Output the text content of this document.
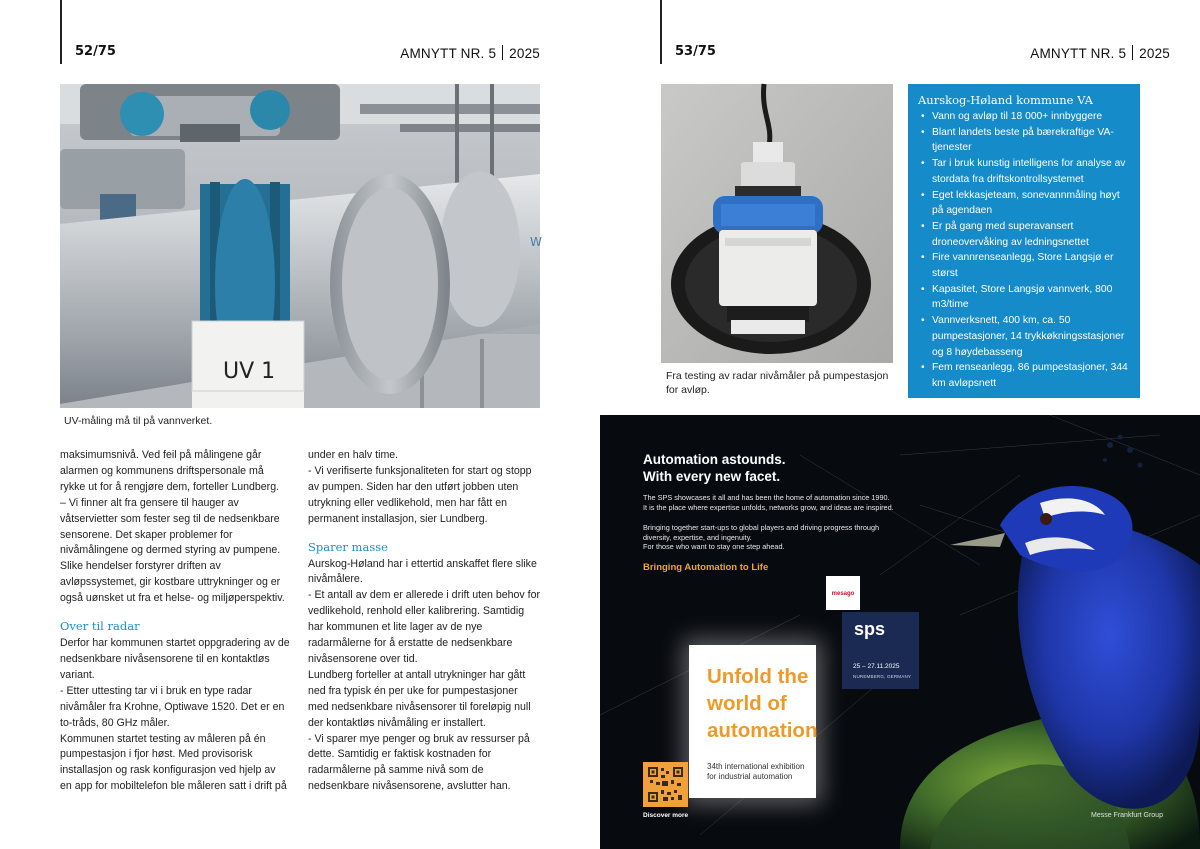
52/75	AMNYTT NR. 5 2025
UV 1
W
UV-måling må til på vannverket.

maksimumsnivå. Ved feil på målingene går alarmen og kommunens driftspersonale må rykke ut for å rengjøre dem, forteller Lundberg.

– Vi finner alt fra gensere til hauger av våtservietter som fester seg til de nedsenkbare sensorene. Det skaper problemer for nivåmålingene og dermed styring av pumpene.

Slike hendelser forstyrer driften av avløpssystemet, gir kostbare uttrykninger og er også uønsket ut fra et helse- og miljøperspektiv.

Over til radar

Derfor har kommunen startet oppgradering av de nedsenkbare nivåsensorene til en kontaktløs variant.

- Etter uttesting tar vi i bruk en type radar nivåmåler fra Krohne, Optiwave 1520. Det er en to-tråds, 80 GHz måler.

Kommunen startet testing av måleren på én pumpestasjon i fjor høst. Med provisorisk installasjon og rask konfigurasjon ved hjelp av en app for mobiltelefon ble måleren satt i drift på

under en halv time.

- Vi verifiserte funksjonaliteten for start og stopp av pumpen. Siden har den utført jobben uten utrykning eller vedlikehold, men har fått en permanent installasjon, sier Lundberg.

Sparer masse

Aurskog-Høland har i ettertid anskaffet flere slike nivåmålere.

- Et antall av dem er allerede i drift uten behov for vedlikehold, renhold eller kalibrering. Samtidig har kommunen et lite lager av de nye radarmålerne for å erstatte de nedsenkbare nivåsensorene over tid.

Lundberg forteller at antall utrykninger har gått ned fra typisk én per uke for pumpestasjoner med nedsenkbare nivåsensorer til foreløpig null der kontaktløs nivåmåling er installert.

- Vi sparer mye penger og bruk av ressurser på dette. Samtidig er faktisk kostnaden for radarmålerne på samme nivå som de nedsenkbare nivåsensorene, avslutter han.

53/75	AMNYTT NR. 5 2025
Fra testing av radar nivåmåler på pumpestasjon for avløp.
Aurskog-Høland kommune VA
• Vann og avløp til 18 000+ innbyggere
• Blant landets beste på bærekraftige VA-tjenester
• Tar i bruk kunstig intelligens for analyse av stordata fra driftskontrollsystemet
• Eget lekkasjeteam, sonevannmåling høyt på agendaen
• Er på gang med superavansert droneovervåking av ledningsnettet
• Fire vannrenseanlegg, Store Langsjø er størst
• Kapasitet, Store Langsjø vannverk, 800 m3/time
• Vannverksnett, 400 km, ca. 50 pumpestasjoner, 14 trykkøkningsstasjoner og 8 høydebasseng
• Fem renseanlegg, 86 pumpestasjoner, 344 km avløpsnett
Automation astounds.
With every new facet.
The SPS showcases it all and has been the home of automation since 1990.
It is the place where expertise unfolds, networks grow, and ideas are inspired.
Bringing together start-ups to global players and driving progress through
diversity, expertise, and ingenuity.
For those who want to stay one step ahead.
Bringing Automation to Life
mesago
sps
25 – 27.11.2025
NUREMBERG, GERMANY
Unfold the
world of
automation
34th international exhibition
for industrial automation
Discover more	Messe Frankfurt Group
